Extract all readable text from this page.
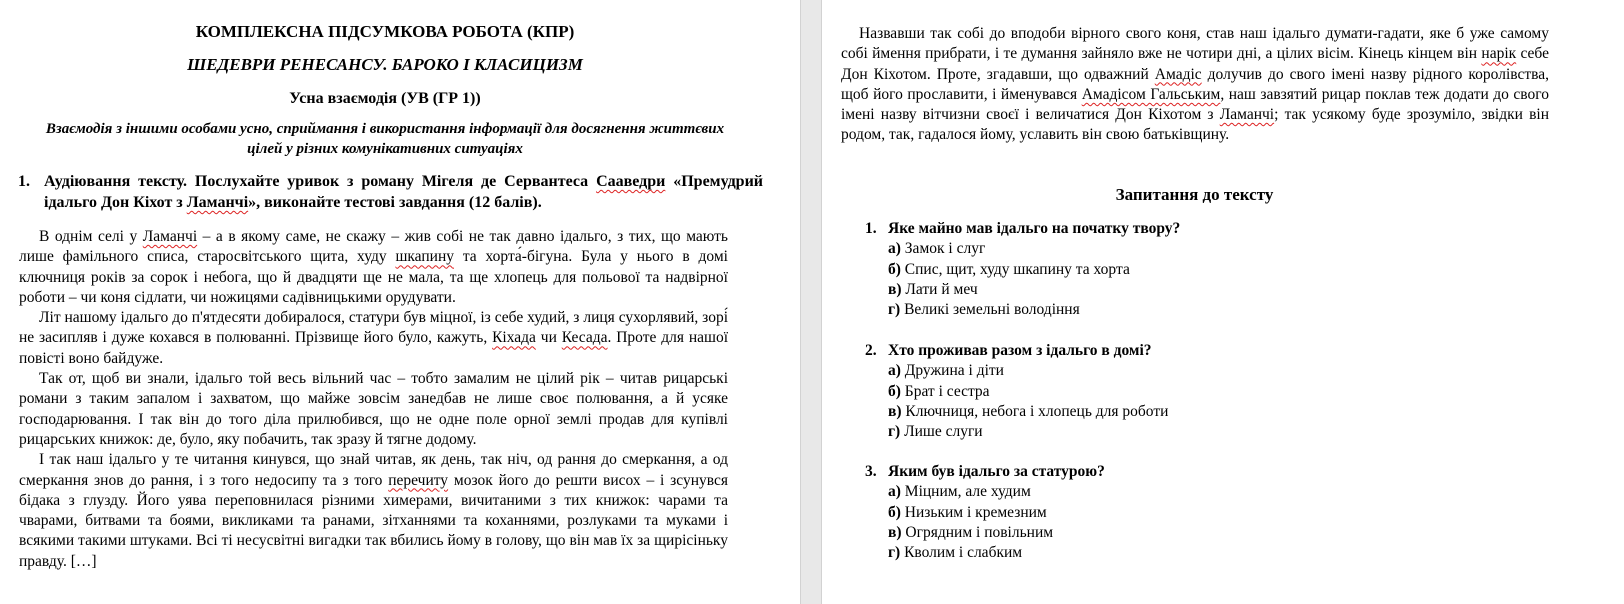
КОМПЛЕКСНА ПІДСУМКОВА РОБОТА (КПР)
ШЕДЕВРИ РЕНЕСАНСУ. БАРОКО І КЛАСИЦИЗМ
Усна взаємодія (УВ (ГР 1))
Взаємодія з іншими особами усно, сприймання і використання інформації для досягнення життєвих цілей у різних комунікативних ситуаціях
1. Аудіювання тексту. Послухайте уривок з роману Мігеля де Сервантеса Сааведри «Премудрий ідальго Дон Кіхот з Ламанчі», виконайте тестові завдання (12 балів).

В однім селі у Ламанчі – а в якому саме, не скажу – жив собі не так давно ідальго, з тих, що мають лише фамільного списа, старосвітського щита, худу шкапину та хорта́-бігуна. Була у нього в домі ключниця років за сорок і небога, що й двадцяти ще не мала, та ще хлопець для польової та надвірної роботи – чи коня сідлати, чи ножицями садівницькими орудувати.

Літ нашому ідальго до п'ятдесяти добиралося, статури був міцної, із себе худий, з лиця сухорлявий, зорі́ не засипляв і дуже кохався в полюванні. Прізвище його було, кажуть, Кіхада чи Кесада. Проте для нашої повісті воно байдуже.

Так от, щоб ви знали, ідальго той весь вільний час – тобто замалим не цілий рік – читав рицарські романи з таким запалом і захватом, що майже зовсім занедбав не лише своє полювання, а й усяке господарювання. І так він до того діла прилюбився, що не одне поле орної землі продав для купівлі рицарських книжок: де, було, яку побачить, так зразу й тягне додому.

І так наш ідальго у те читання кинувся, що знай читав, як день, так ніч, од рання до смеркання, а од смеркання знов до рання, і з того недосипу та з того перечиту мозок його до решти висох – і зсунувся бідака з глузду. Його уява переповнилася різними химерами, вичитаними з тих книжок: чарами та чварами, битвами та боями, викликами та ранами, зітханнями та коханнями, розлуками та муками і всякими такими штуками. Всі ті несусвітні вигадки так вбились йому в голову, що він мав їх за щирісіньку правду. […]

Назвавши так собі до вподоби вірного свого коня, став наш ідальго думати-гадати, яке б уже самому собі ймення прибрати, і те думання зайняло вже не чотири дні, а цілих вісім. Кінець кінцем він нарік себе Дон Кіхотом. Проте, згадавши, що одважний Амадіс долучив до свого імені назву рідного королівства, щоб його прославити, і йменувався Амадісом Гальським, наш завзятий рицар поклав теж додати до свого імені назву вітчизни своєї і величатися Дон Кіхотом з Ламанчі; так усякому буде зрозуміло, звідки він родом, так, гадалося йому, уславить він свою батьківщину.

Запитання до тексту
1. Яке майно мав ідальго на початку твору?
а) Замок і слуг
б) Спис, щит, худу шкапину та хорта
в) Лати й меч
г) Великі земельні володіння
2. Хто проживав разом з ідальго в домі?
а) Дружина і діти
б) Брат і сестра
в) Ключниця, небога і хлопець для роботи
г) Лише слуги
3. Яким був ідальго за статурою?
а) Міцним, але худим
б) Низьким і кремезним
в) Огрядним і повільним
г) Кволим і слабким
